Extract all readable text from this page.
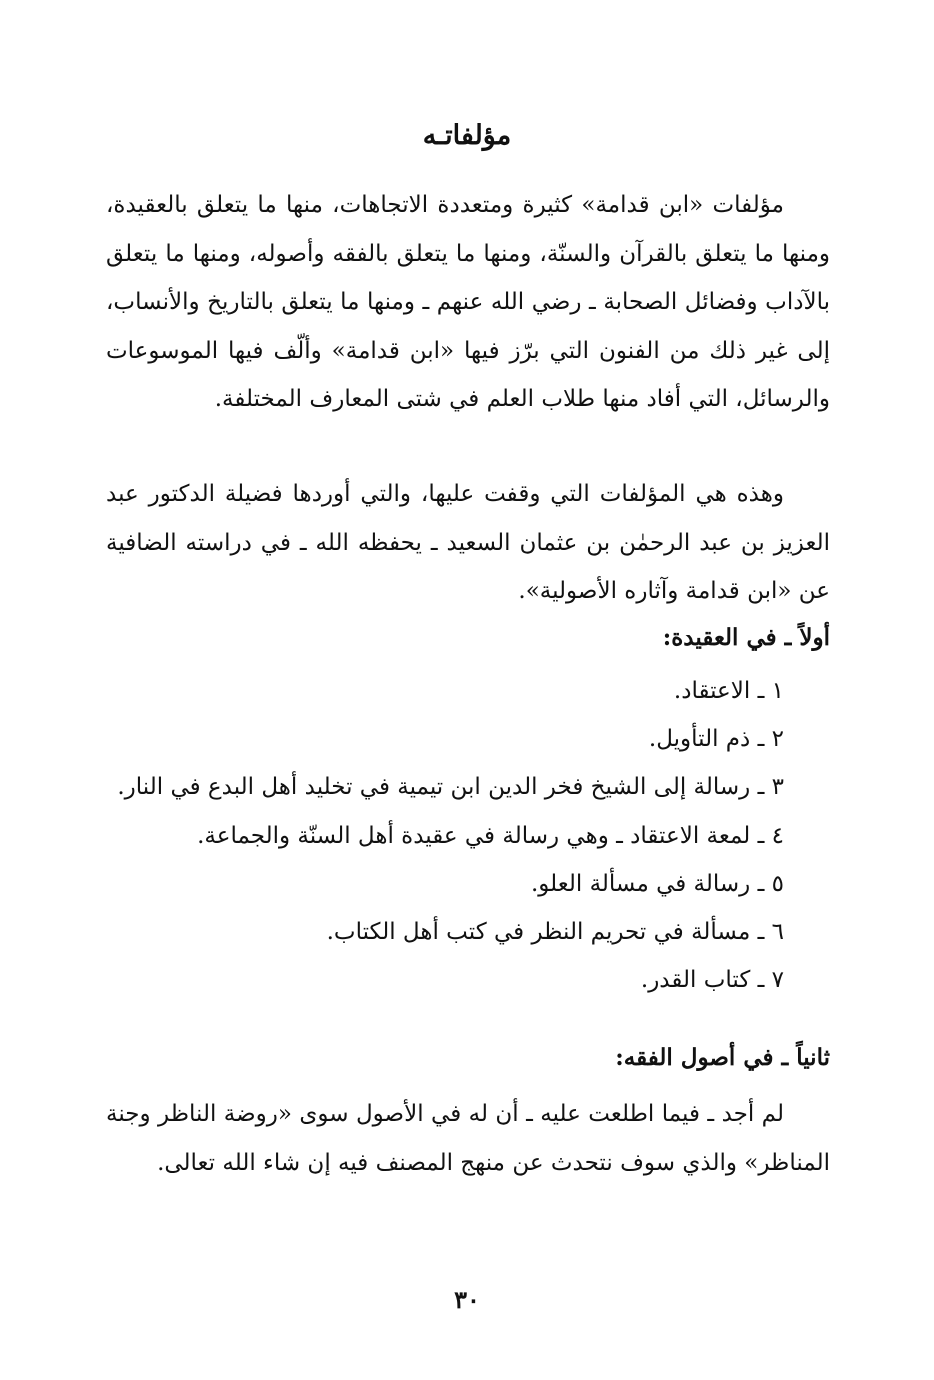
مؤلفاتـه

مؤلفات «ابن قدامة» كثيرة ومتعددة الاتجاهات، منها ما يتعلق بالعقيدة، ومنها ما يتعلق بالقرآن والسنّة، ومنها ما يتعلق بالفقه وأصوله، ومنها ما يتعلق بالآداب وفضائل الصحابة ـ رضي الله عنهم ـ ومنها ما يتعلق بالتاريخ والأنساب، إلى غير ذلك من الفنون التي برّز فيها «ابن قدامة» وألّف فيها الموسوعات والرسائل، التي أفاد منها طلاب العلم في شتى المعارف المختلفة.

وهذه هي المؤلفات التي وقفت عليها، والتي أوردها فضيلة الدكتور عبد العزيز بن عبد الرحمٰن بن عثمان السعيد ـ يحفظه الله ـ في دراسته الضافية عن «ابن قدامة وآثاره الأصولية».

أولاً ـ في العقيدة:

١ ـ الاعتقاد.
٢ ـ ذم التأويل.
٣ ـ رسالة إلى الشيخ فخر الدين ابن تيمية في تخليد أهل البدع في النار.
٤ ـ لمعة الاعتقاد ـ وهي رسالة في عقيدة أهل السنّة والجماعة.
٥ ـ رسالة في مسألة العلو.
٦ ـ مسألة في تحريم النظر في كتب أهل الكتاب.
٧ ـ كتاب القدر.

ثانياً ـ في أصول الفقه:

لم أجد ـ فيما اطلعت عليه ـ أن له في الأصول سوى «روضة الناظر وجنة المناظر» والذي سوف نتحدث عن منهج المصنف فيه إن شاء الله تعالى.

٣٠
